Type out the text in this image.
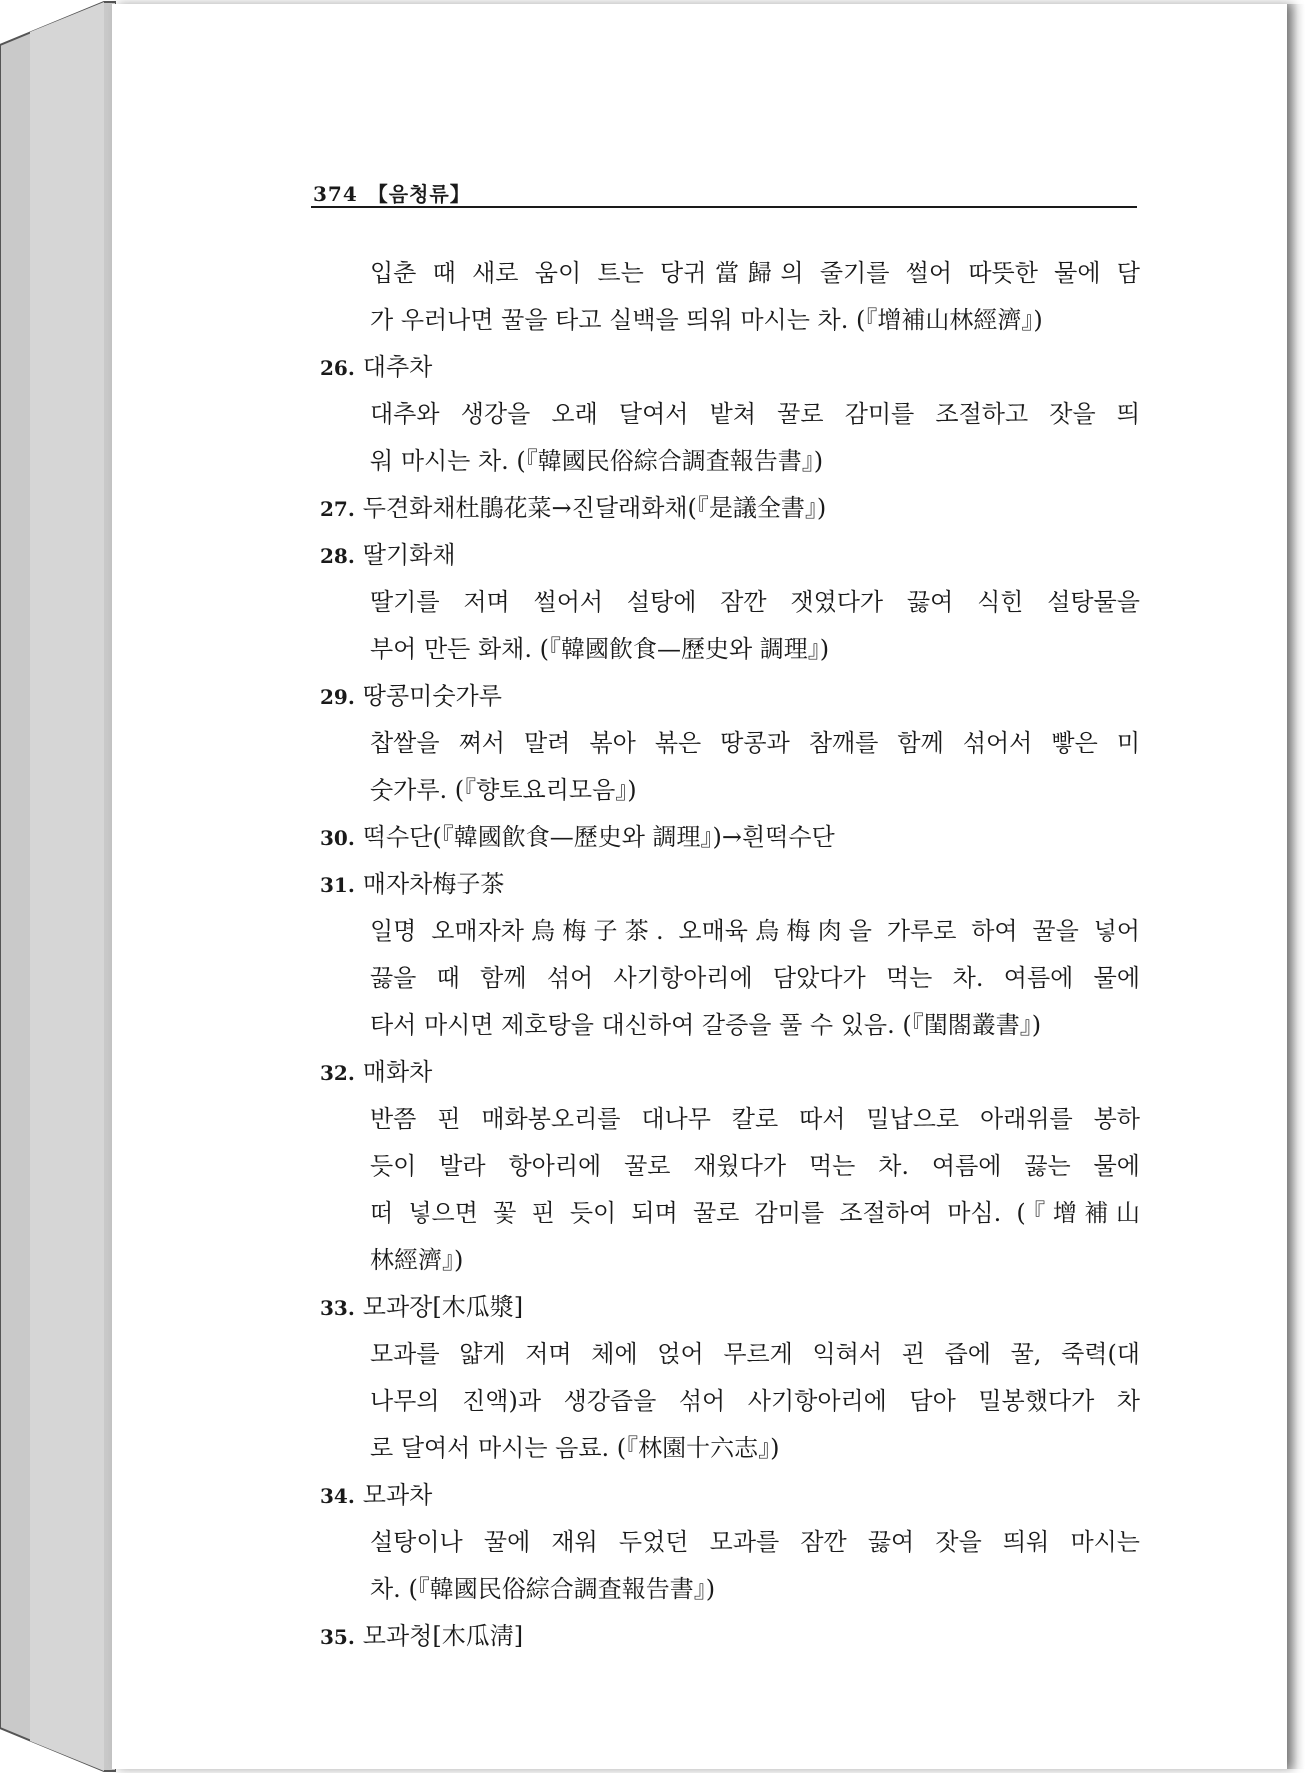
374 【음청류】
입춘 때 새로 움이 트는 당귀當歸의 줄기를 썰어 따뜻한 물에 담
가 우러나면 꿀을 타고 실백을 띄워 마시는 차. (『增補山林經濟』)
26. 대추차
대추와 생강을 오래 달여서 밭쳐 꿀로 감미를 조절하고 잣을 띄
워 마시는 차. (『韓國民俗綜合調査報告書』)
27. 두견화채杜鵑花菜→진달래화채(『是議全書』)
28. 딸기화채
딸기를 저며 썰어서 설탕에 잠깐 잿였다가 끓여 식힌 설탕물을
부어 만든 화채. (『韓國飮食—歷史와 調理』)
29. 땅콩미숫가루
찹쌀을 쪄서 말려 볶아 볶은 땅콩과 참깨를 함께 섞어서 빻은 미
숫가루. (『향토요리모음』)
30. 떡수단(『韓國飮食—歷史와 調理』)→흰떡수단
31. 매자차梅子茶
일명 오매자차烏梅子茶. 오매육烏梅肉을 가루로 하여 꿀을 넣어
끓을 때 함께 섞어 사기항아리에 담았다가 먹는 차. 여름에 물에
타서 마시면 제호탕을 대신하여 갈증을 풀 수 있음. (『閨閤叢書』)
32. 매화차
반쯤 핀 매화봉오리를 대나무 칼로 따서 밀납으로 아래위를 봉하
듯이 발라 항아리에 꿀로 재웠다가 먹는 차. 여름에 끓는 물에
떠 넣으면 꽃 핀 듯이 되며 꿀로 감미를 조절하여 마심. (『增補山
林經濟』)
33. 모과장[木瓜漿]
모과를 얇게 저며 체에 얹어 무르게 익혀서 괸 즙에 꿀, 죽력(대
나무의 진액)과 생강즙을 섞어 사기항아리에 담아 밀봉했다가 차
로 달여서 마시는 음료. (『林園十六志』)
34. 모과차
설탕이나 꿀에 재워 두었던 모과를 잠깐 끓여 잣을 띄워 마시는
차. (『韓國民俗綜合調査報告書』)
35. 모과청[木瓜淸]
